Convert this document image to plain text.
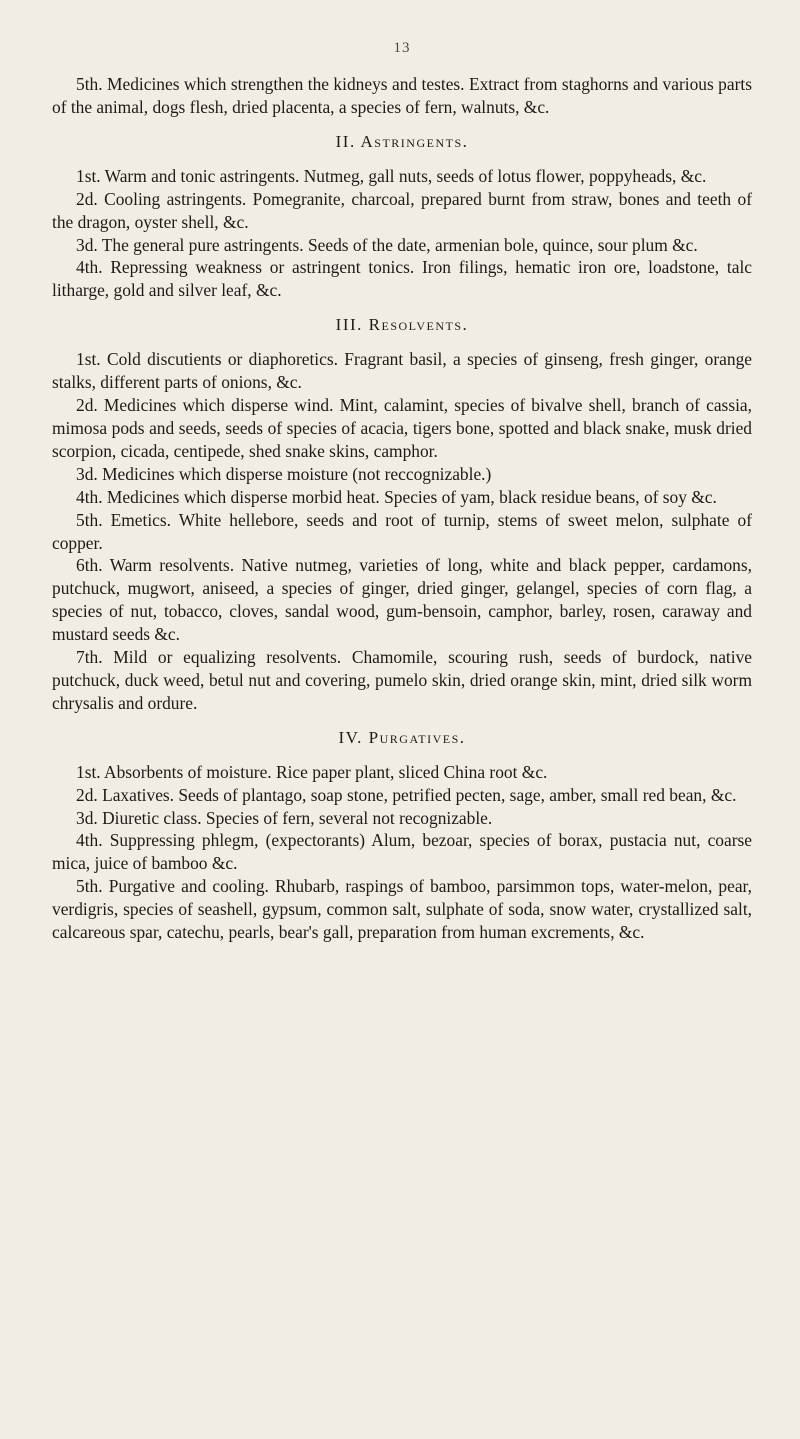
13

5th. Medicines which strengthen the kidneys and testes. Extract from staghorns and various parts of the animal, dogs flesh, dried placenta, a species of fern, walnuts, &c.

II. Astringents.

1st. Warm and tonic astringents. Nutmeg, gall nuts, seeds of lotus flower, poppyheads, &c.

2d. Cooling astringents. Pomegranite, charcoal, prepared burnt from straw, bones and teeth of the dragon, oyster shell, &c.

3d. The general pure astringents. Seeds of the date, armenian bole, quince, sour plum &c.

4th. Repressing weakness or astringent tonics. Iron filings, hematic iron ore, loadstone, talc litharge, gold and silver leaf, &c.

III. Resolvents.

1st. Cold discutients or diaphoretics. Fragrant basil, a species of ginseng, fresh ginger, orange stalks, different parts of onions, &c.

2d. Medicines which disperse wind. Mint, calamint, species of bivalve shell, branch of cassia, mimosa pods and seeds, seeds of species of acacia, tigers bone, spotted and black snake, musk dried scorpion, cicada, centipede, shed snake skins, camphor.

3d. Medicines which disperse moisture (not reccognizable.)

4th. Medicines which disperse morbid heat. Species of yam, black residue beans, of soy &c.

5th. Emetics. White hellebore, seeds and root of turnip, stems of sweet melon, sulphate of copper.

6th. Warm resolvents. Native nutmeg, varieties of long, white and black pepper, cardamons, putchuck, mugwort, aniseed, a species of ginger, dried ginger, gelangel, species of corn flag, a species of nut, tobacco, cloves, sandal wood, gum-bensoin, camphor, barley, rosen, caraway and mustard seeds &c.

7th. Mild or equalizing resolvents. Chamomile, scouring rush, seeds of burdock, native putchuck, duck weed, betul nut and covering, pumelo skin, dried orange skin, mint, dried silk worm chrysalis and ordure.

IV. Purgatives.

1st. Absorbents of moisture. Rice paper plant, sliced China root &c.

2d. Laxatives. Seeds of plantago, soap stone, petrified pecten, sage, amber, small red bean, &c.

3d. Diuretic class. Species of fern, several not recognizable.

4th. Suppressing phlegm, (expectorants) Alum, bezoar, species of borax, pustacia nut, coarse mica, juice of bamboo &c.

5th. Purgative and cooling. Rhubarb, raspings of bamboo, parsimmon tops, water-melon, pear, verdigris, species of seashell, gypsum, common salt, sulphate of soda, snow water, crystallized salt, calcareous spar, catechu, pearls, bear's gall, preparation from human excrements, &c.
